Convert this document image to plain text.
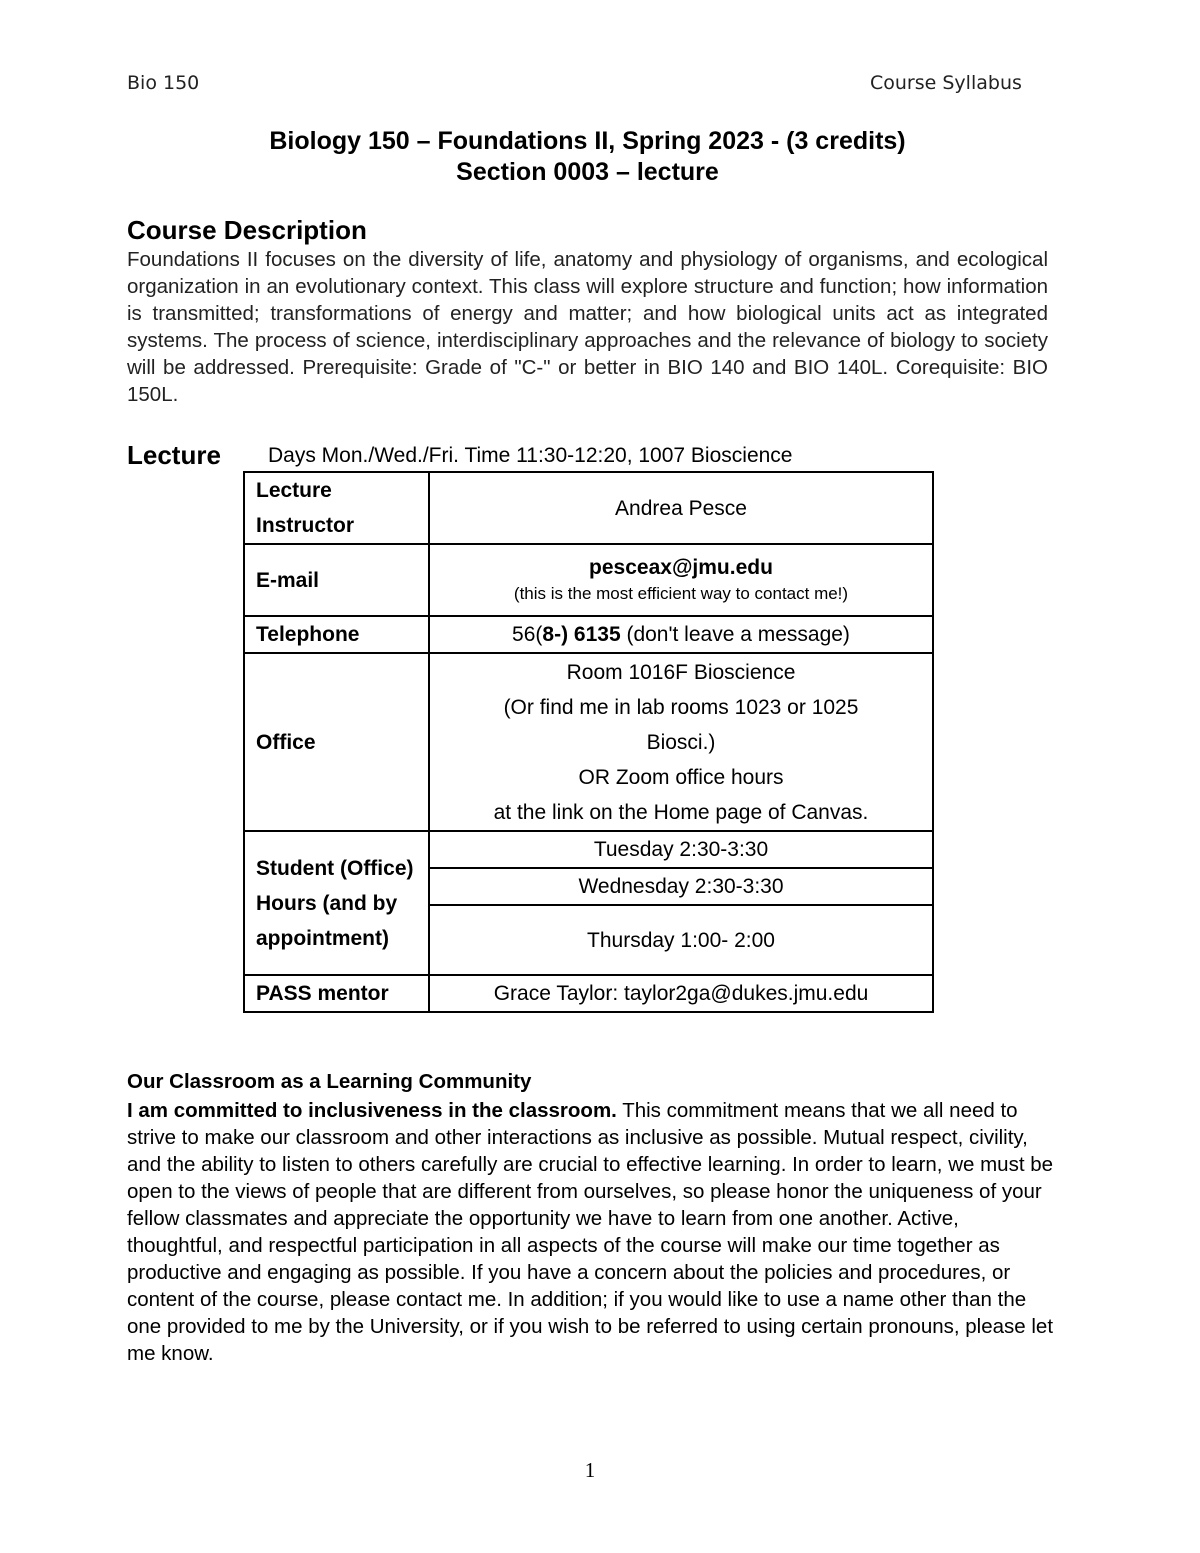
Bio 150	Course Syllabus
Biology 150 – Foundations II, Spring 2023 - (3 credits)
Section 0003 – lecture
Course Description
Foundations II focuses on the diversity of life, anatomy and physiology of organisms, and ecological organization in an evolutionary context. This class will explore structure and function; how information is transmitted; transformations of energy and matter; and how biological units act as integrated systems. The process of science, interdisciplinary approaches and the relevance of biology to society will be addressed. Prerequisite: Grade of "C-" or better in BIO 140 and BIO 140L. Corequisite: BIO 150L.
Lecture Days Mon./Wed./Fri. Time 11:30-12:20, 1007 Bioscience
Lecture Instructor	Andrea Pesce
E-mail	pesceax@jmu.edu
(this is the most efficient way to contact me!)

Telephone	56(8-) 6135 (don't leave a message)
Office	Room 1016F Bioscience
(Or find me in lab rooms 1023 or 1025
Biosci.)
OR Zoom office hours
at the link on the Home page of Canvas.

Student (Office) Hours (and by appointment)	Tuesday 2:30-3:30
	Wednesday 2:30-3:30
	Thursday 1:00- 2:00
PASS mentor	Grace Taylor: taylor2ga@dukes.jmu.edu
Our Classroom as a Learning Community
I am committed to inclusiveness in the classroom. This commitment means that we all need to strive to make our classroom and other interactions as inclusive as possible. Mutual respect, civility, and the ability to listen to others carefully are crucial to effective learning. In order to learn, we must be open to the views of people that are different from ourselves, so please honor the uniqueness of your fellow classmates and appreciate the opportunity we have to learn from one another. Active, thoughtful, and respectful participation in all aspects of the course will make our time together as productive and engaging as possible. If you have a concern about the policies and procedures, or content of the course, please contact me. In addition; if you would like to use a name other than the one provided to me by the University, or if you wish to be referred to using certain pronouns, please let me know.
1
